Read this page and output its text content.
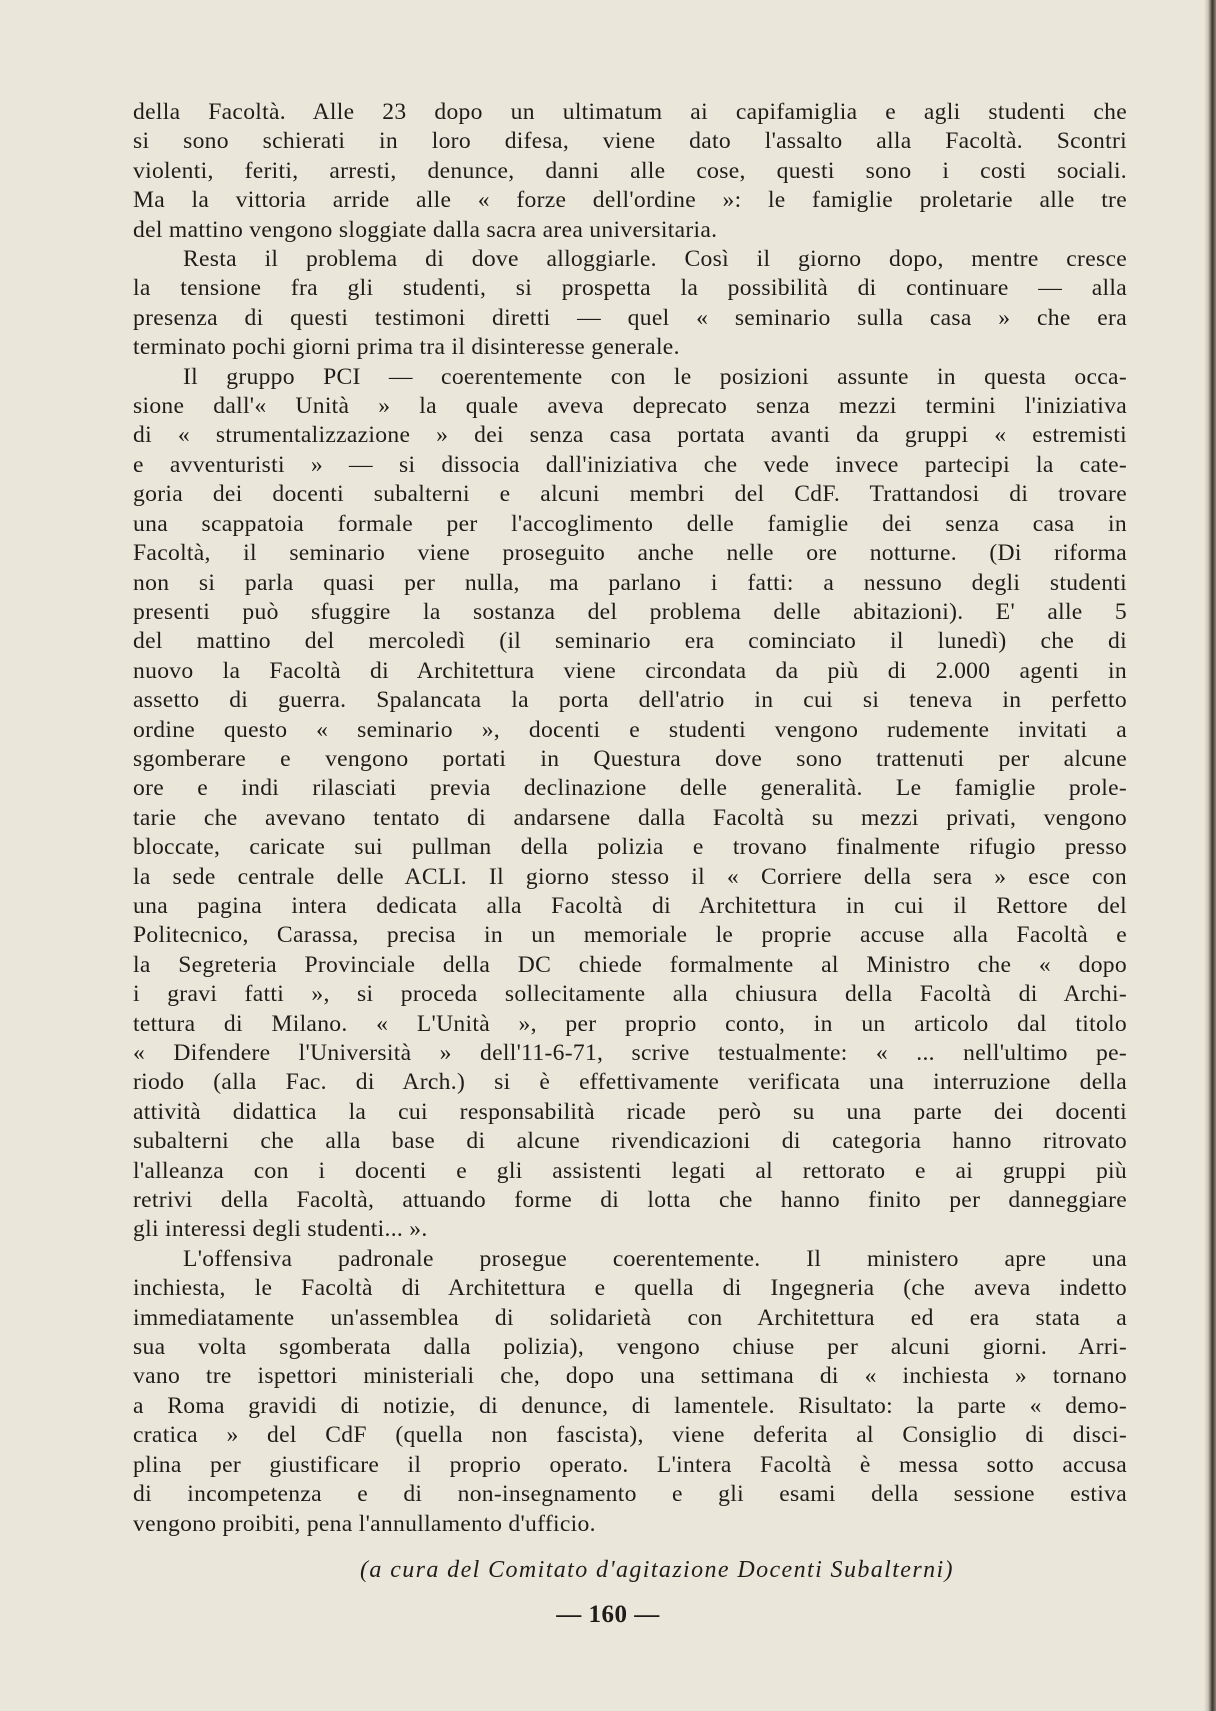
della Facoltà. Alle 23 dopo un ultimatum ai capifamiglia e agli studenti che
si sono schierati in loro difesa, viene dato l'assalto alla Facoltà. Scontri
violenti, feriti, arresti, denunce, danni alle cose, questi sono i costi sociali.
Ma la vittoria arride alle « forze dell'ordine »: le famiglie proletarie alle tre
del mattino vengono sloggiate dalla sacra area universitaria.

Resta il problema di dove alloggiarle. Così il giorno dopo, mentre cresce
la tensione fra gli studenti, si prospetta la possibilità di continuare — alla
presenza di questi testimoni diretti — quel « seminario sulla casa » che era
terminato pochi giorni prima tra il disinteresse generale.

Il gruppo PCI — coerentemente con le posizioni assunte in questa occa-
sione dall'« Unità » la quale aveva deprecato senza mezzi termini l'iniziativa
di « strumentalizzazione » dei senza casa portata avanti da gruppi « estremisti
e avventuristi » — si dissocia dall'iniziativa che vede invece partecipi la cate-
goria dei docenti subalterni e alcuni membri del CdF. Trattandosi di trovare
una scappatoia formale per l'accoglimento delle famiglie dei senza casa in
Facoltà, il seminario viene proseguito anche nelle ore notturne. (Di riforma
non si parla quasi per nulla, ma parlano i fatti: a nessuno degli studenti
presenti può sfuggire la sostanza del problema delle abitazioni). E' alle 5
del mattino del mercoledì (il seminario era cominciato il lunedì) che di
nuovo la Facoltà di Architettura viene circondata da più di 2.000 agenti in
assetto di guerra. Spalancata la porta dell'atrio in cui si teneva in perfetto
ordine questo « seminario », docenti e studenti vengono rudemente invitati a
sgomberare e vengono portati in Questura dove sono trattenuti per alcune
ore e indi rilasciati previa declinazione delle generalità. Le famiglie prole-
tarie che avevano tentato di andarsene dalla Facoltà su mezzi privati, vengono
bloccate, caricate sui pullman della polizia e trovano finalmente rifugio presso
la sede centrale delle ACLI. Il giorno stesso il « Corriere della sera » esce con
una pagina intera dedicata alla Facoltà di Architettura in cui il Rettore del
Politecnico, Carassa, precisa in un memoriale le proprie accuse alla Facoltà e
la Segreteria Provinciale della DC chiede formalmente al Ministro che « dopo
i gravi fatti », si proceda sollecitamente alla chiusura della Facoltà di Archi-
tettura di Milano. « L'Unità », per proprio conto, in un articolo dal titolo
« Difendere l'Università » dell'11-6-71, scrive testualmente: « ... nell'ultimo pe-
riodo (alla Fac. di Arch.) si è effettivamente verificata una interruzione della
attività didattica la cui responsabilità ricade però su una parte dei docenti
subalterni che alla base di alcune rivendicazioni di categoria hanno ritrovato
l'alleanza con i docenti e gli assistenti legati al rettorato e ai gruppi più
retrivi della Facoltà, attuando forme di lotta che hanno finito per danneggiare
gli interessi degli studenti... ».

L'offensiva padronale prosegue coerentemente. Il ministero apre una
inchiesta, le Facoltà di Architettura e quella di Ingegneria (che aveva indetto
immediatamente un'assemblea di solidarietà con Architettura ed era stata a
sua volta sgomberata dalla polizia), vengono chiuse per alcuni giorni. Arri-
vano tre ispettori ministeriali che, dopo una settimana di « inchiesta » tornano
a Roma gravidi di notizie, di denunce, di lamentele. Risultato: la parte « demo-
cratica » del CdF (quella non fascista), viene deferita al Consiglio di disci-
plina per giustificare il proprio operato. L'intera Facoltà è messa sotto accusa
di incompetenza e di non-insegnamento e gli esami della sessione estiva
vengono proibiti, pena l'annullamento d'ufficio.

(a cura del Comitato d'agitazione Docenti Subalterni)
— 160 —
